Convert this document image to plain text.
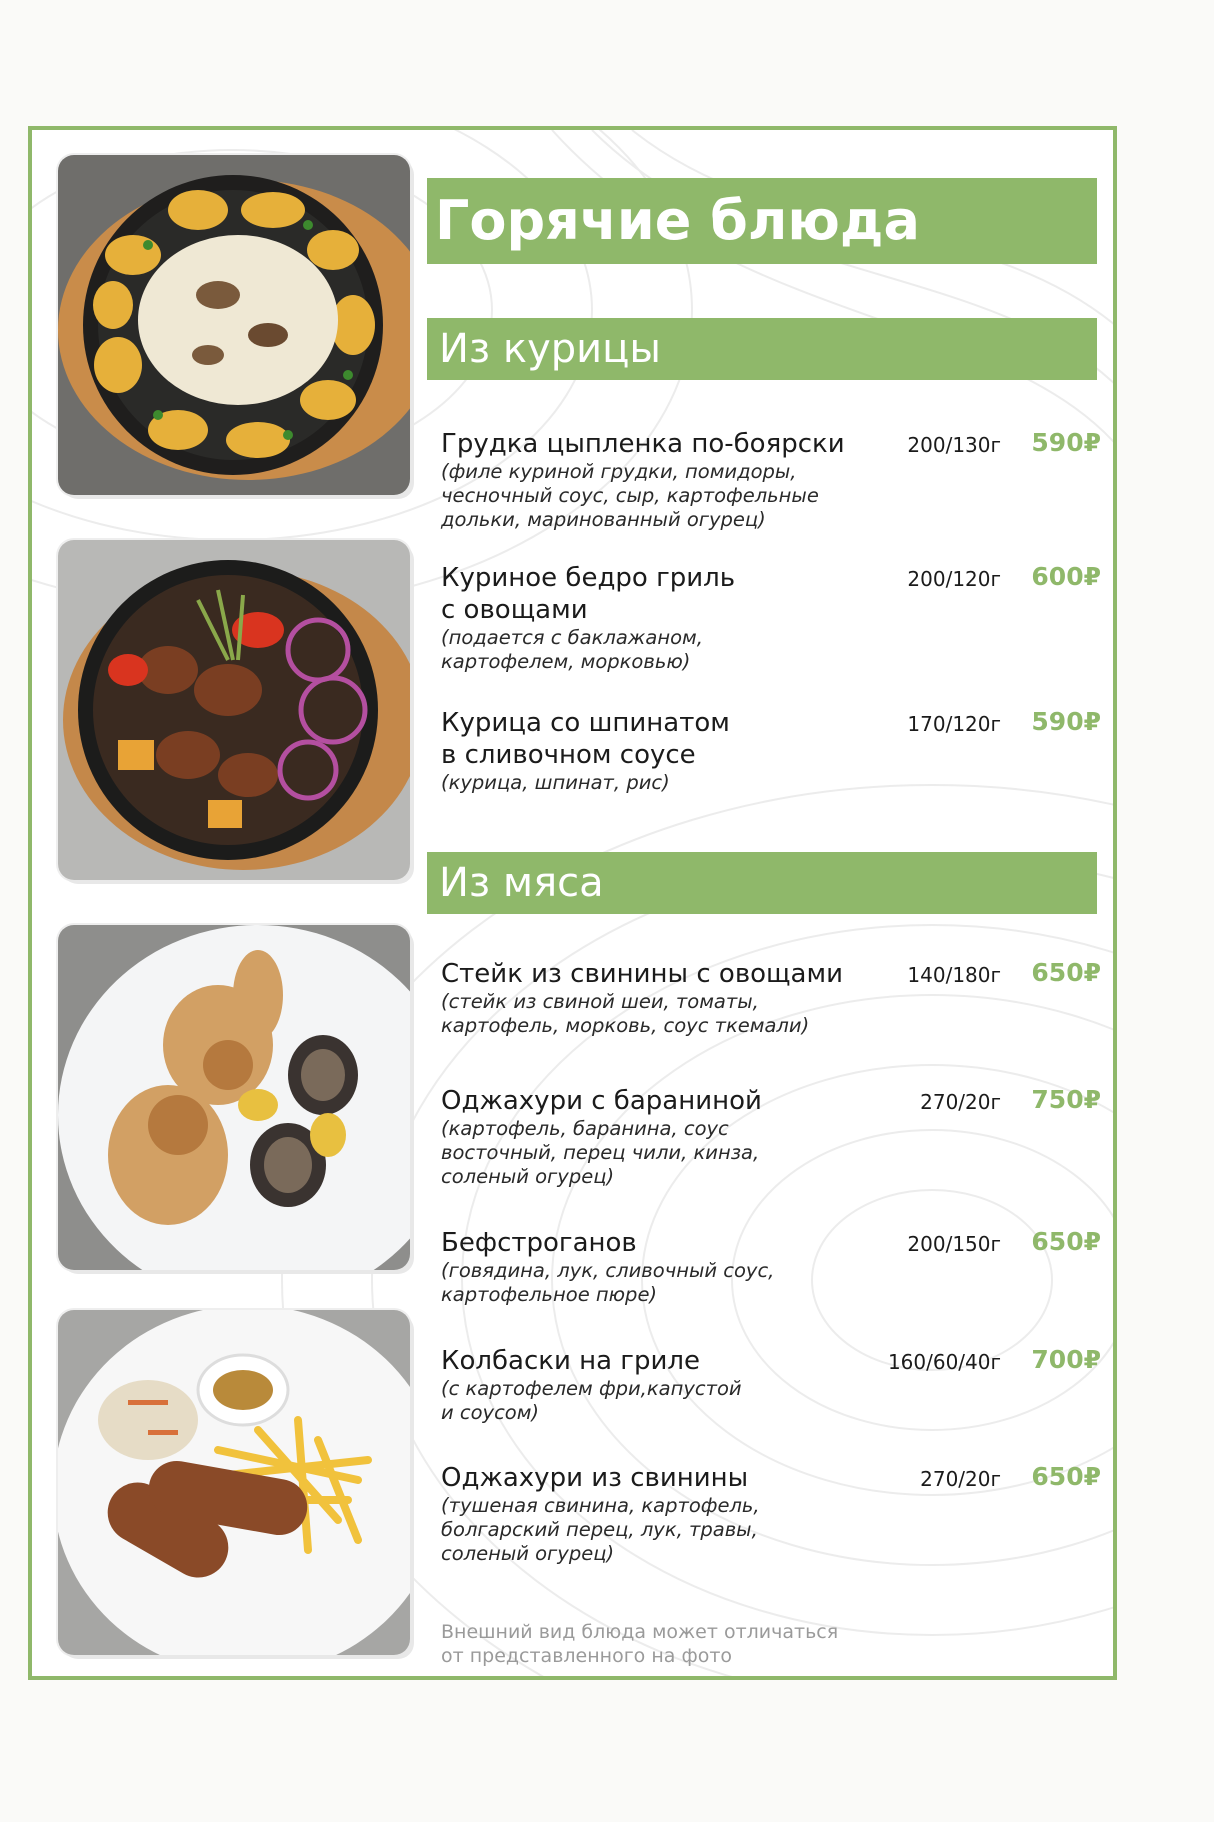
Горячие блюда
Из курицы
Из мяса
Грудка цыпленка по-боярски
(филе куриной грудки, помидоры,
чесночный соус, сыр, картофельные
дольки, маринованный огурец)
200/130г 590₽
Куриное бедро гриль
с овощами
(подается с баклажаном,
картофелем, морковью)
200/120г 600₽
Курица со шпинатом
в сливочном соусе
(курица, шпинат, рис)
170/120г 590₽
Стейк из свинины с овощами
(стейк из свиной шеи, томаты,
картофель, морковь, соус ткемали)
140/180г 650₽
Оджахури с бараниной
(картофель, баранина, соус
восточный, перец чили, кинза,
соленый огурец)
270/20г 750₽
Бефстроганов
(говядина, лук, сливочный соус,
картофельное пюре)
200/150г 650₽
Колбаски на гриле
(с картофелем фри,капустой
и соусом)
160/60/40г 700₽
Оджахури из свинины
(тушеная свинина, картофель,
болгарский перец, лук, травы,
соленый огурец)
270/20г 650₽
Внешний вид блюда может отличаться
от представленного на фото
